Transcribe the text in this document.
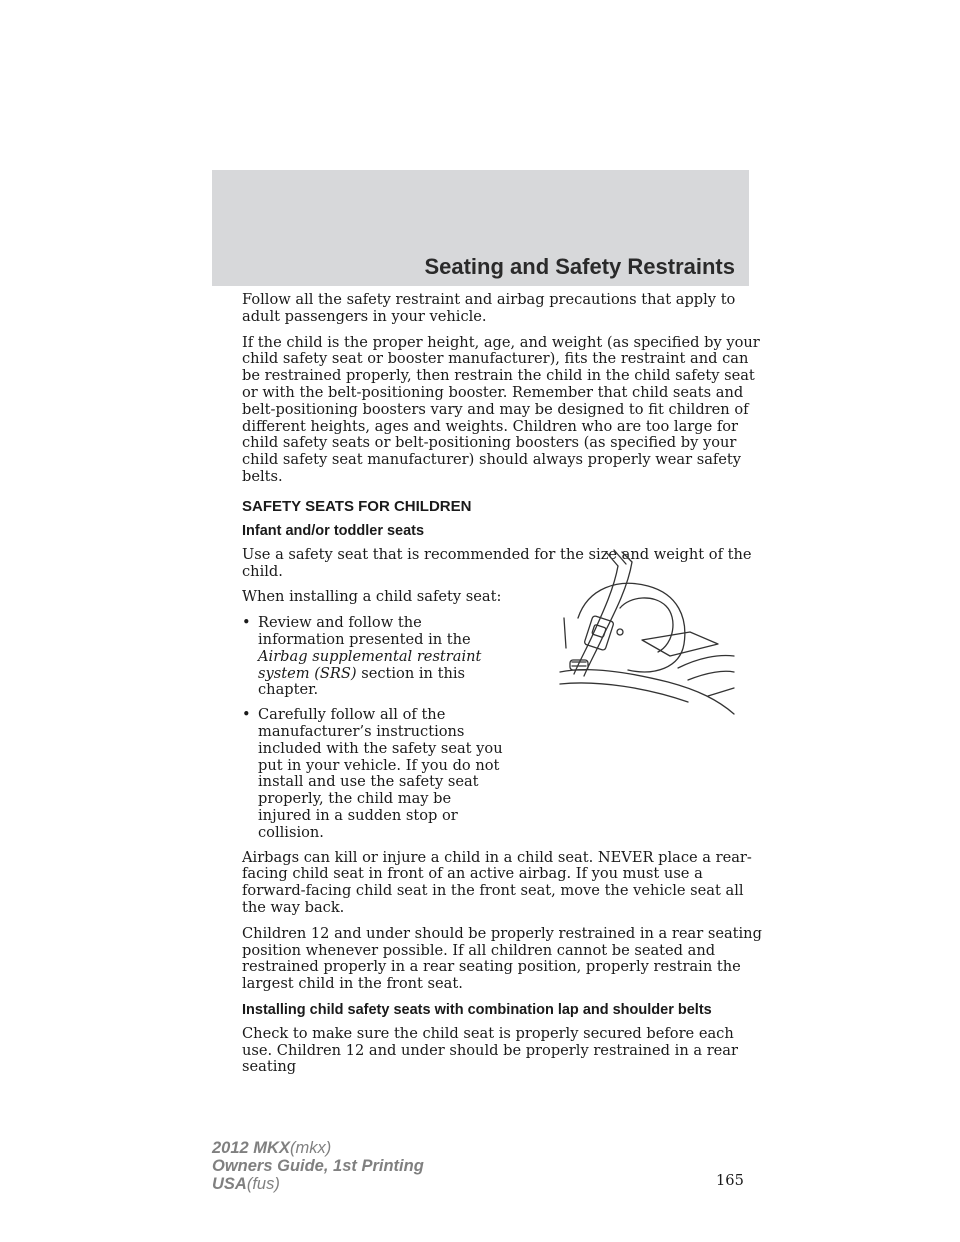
Seating and Safety Restraints

Follow all the safety restraint and airbag precautions that apply to adult passengers in your vehicle.

If the child is the proper height, age, and weight (as specified by your child safety seat or booster manufacturer), fits the restraint and can be restrained properly, then restrain the child in the child safety seat or with the belt-positioning booster. Remember that child seats and belt-positioning boosters vary and may be designed to fit children of different heights, ages and weights. Children who are too large for child safety seats or belt-positioning boosters (as specified by your child safety seat manufacturer) should always properly wear safety belts.

SAFETY SEATS FOR CHILDREN
Infant and/or toddler seats

Use a safety seat that is recommended for the size and weight of the child.

When installing a child safety seat:

• Review and follow the information presented in the Airbag supplemental restraint system (SRS) section in this chapter.
• Carefully follow all of the manufacturer’s instructions included with the safety seat you put in your vehicle. If you do not install and use the safety seat properly, the child may be injured in a sudden stop or collision.

Airbags can kill or injure a child in a child seat. NEVER place a rear-facing child seat in front of an active airbag. If you must use a forward-facing child seat in the front seat, move the vehicle seat all the way back.

Children 12 and under should be properly restrained in a rear seating position whenever possible. If all children cannot be seated and restrained properly in a rear seating position, properly restrain the largest child in the front seat.

Installing child safety seats with combination lap and shoulder belts

Check to make sure the child seat is properly secured before each use. Children 12 and under should be properly restrained in a rear seating

165
2012 MKX(mkx)
Owners Guide, 1st Printing
USA(fus)
